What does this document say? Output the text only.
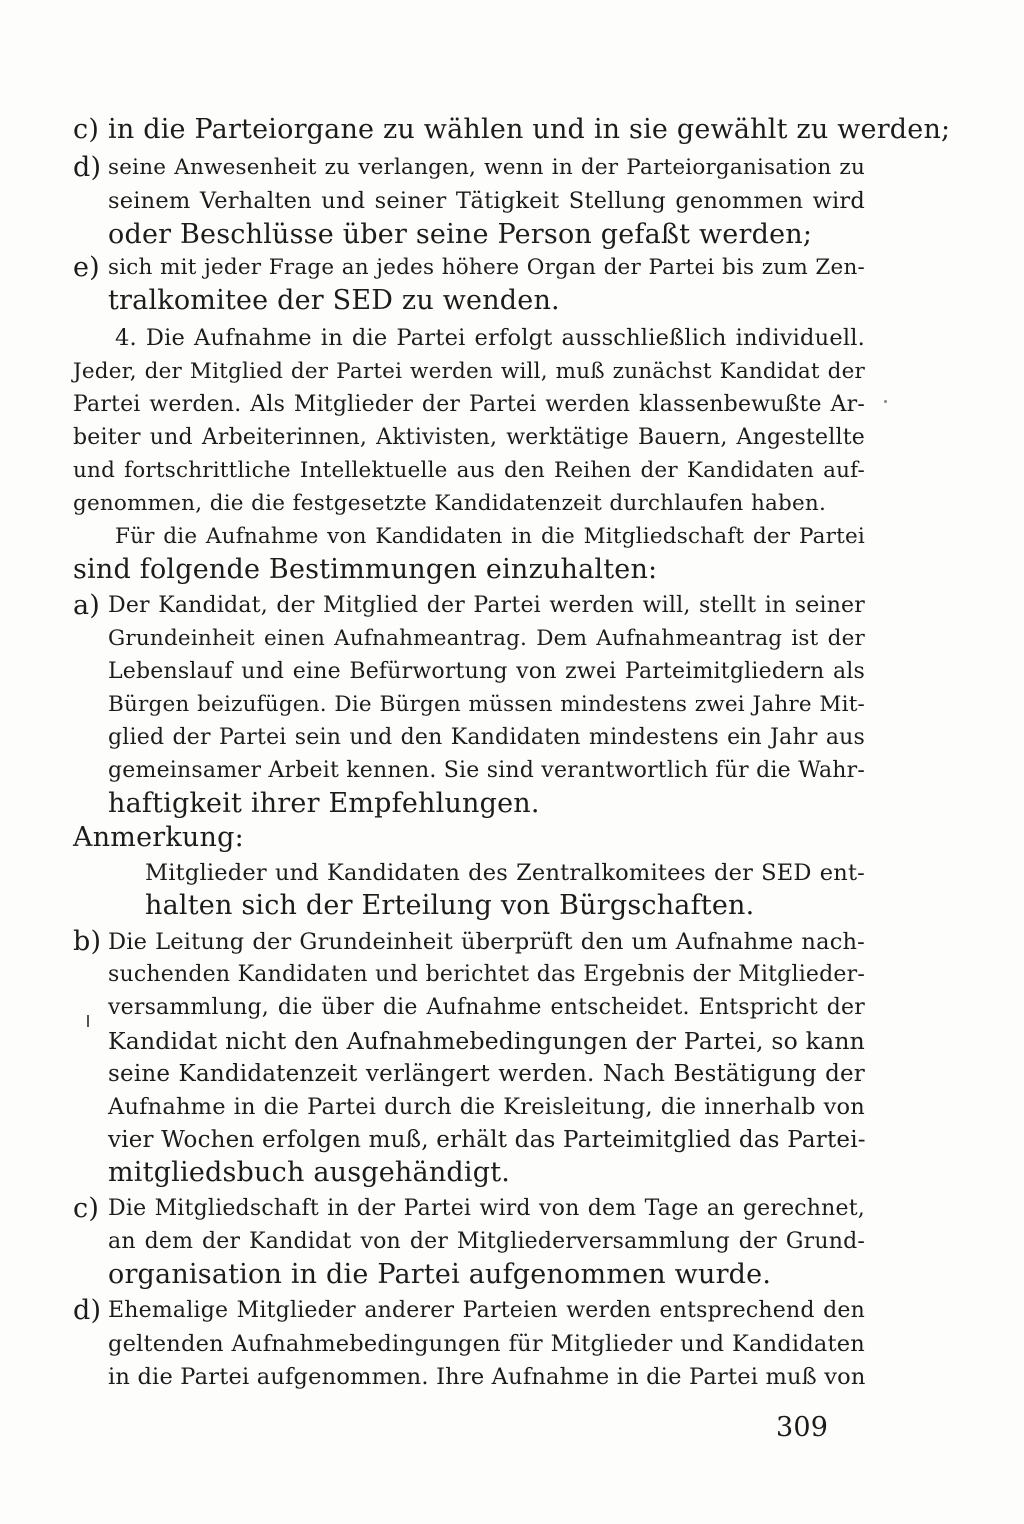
c) in die Parteiorgane zu wählen und in sie gewählt zu werden;
d) seine Anwesenheit zu verlangen, wenn in der Parteiorganisation zu
seinem Verhalten und seiner Tätigkeit Stellung genommen wird
oder Beschlüsse über seine Person gefaßt werden;
e) sich mit jeder Frage an jedes höhere Organ der Partei bis zum Zen-
tralkomitee der SED zu wenden.
4. Die Aufnahme in die Partei erfolgt ausschließlich individuell.
Jeder, der Mitglied der Partei werden will, muß zunächst Kandidat der
Partei werden. Als Mitglieder der Partei werden klassenbewußte Ar-
beiter und Arbeiterinnen, Aktivisten, werktätige Bauern, Angestellte
und fortschrittliche Intellektuelle aus den Reihen der Kandidaten auf-
genommen, die die festgesetzte Kandidatenzeit durchlaufen haben.
Für die Aufnahme von Kandidaten in die Mitgliedschaft der Partei
sind folgende Bestimmungen einzuhalten:
a) Der Kandidat, der Mitglied der Partei werden will, stellt in seiner
Grundeinheit einen Aufnahmeantrag. Dem Aufnahmeantrag ist der
Lebenslauf und eine Befürwortung von zwei Parteimitgliedern als
Bürgen beizufügen. Die Bürgen müssen mindestens zwei Jahre Mit-
glied der Partei sein und den Kandidaten mindestens ein Jahr aus
gemeinsamer Arbeit kennen. Sie sind verantwortlich für die Wahr-
haftigkeit ihrer Empfehlungen.
Anmerkung:
Mitglieder und Kandidaten des Zentralkomitees der SED ent-
halten sich der Erteilung von Bürgschaften.
b) Die Leitung der Grundeinheit überprüft den um Aufnahme nach-
suchenden Kandidaten und berichtet das Ergebnis der Mitglieder-
versammlung, die über die Aufnahme entscheidet. Entspricht der
Kandidat nicht den Aufnahmebedingungen der Partei, so kann
seine Kandidatenzeit verlängert werden. Nach Bestätigung der
Aufnahme in die Partei durch die Kreisleitung, die innerhalb von
vier Wochen erfolgen muß, erhält das Parteimitglied das Partei-
mitgliedsbuch ausgehändigt.
c) Die Mitgliedschaft in der Partei wird von dem Tage an gerechnet,
an dem der Kandidat von der Mitgliederversammlung der Grund-
organisation in die Partei aufgenommen wurde.
d) Ehemalige Mitglieder anderer Parteien werden entsprechend den
geltenden Aufnahmebedingungen für Mitglieder und Kandidaten
in die Partei aufgenommen. Ihre Aufnahme in die Partei muß von
309
